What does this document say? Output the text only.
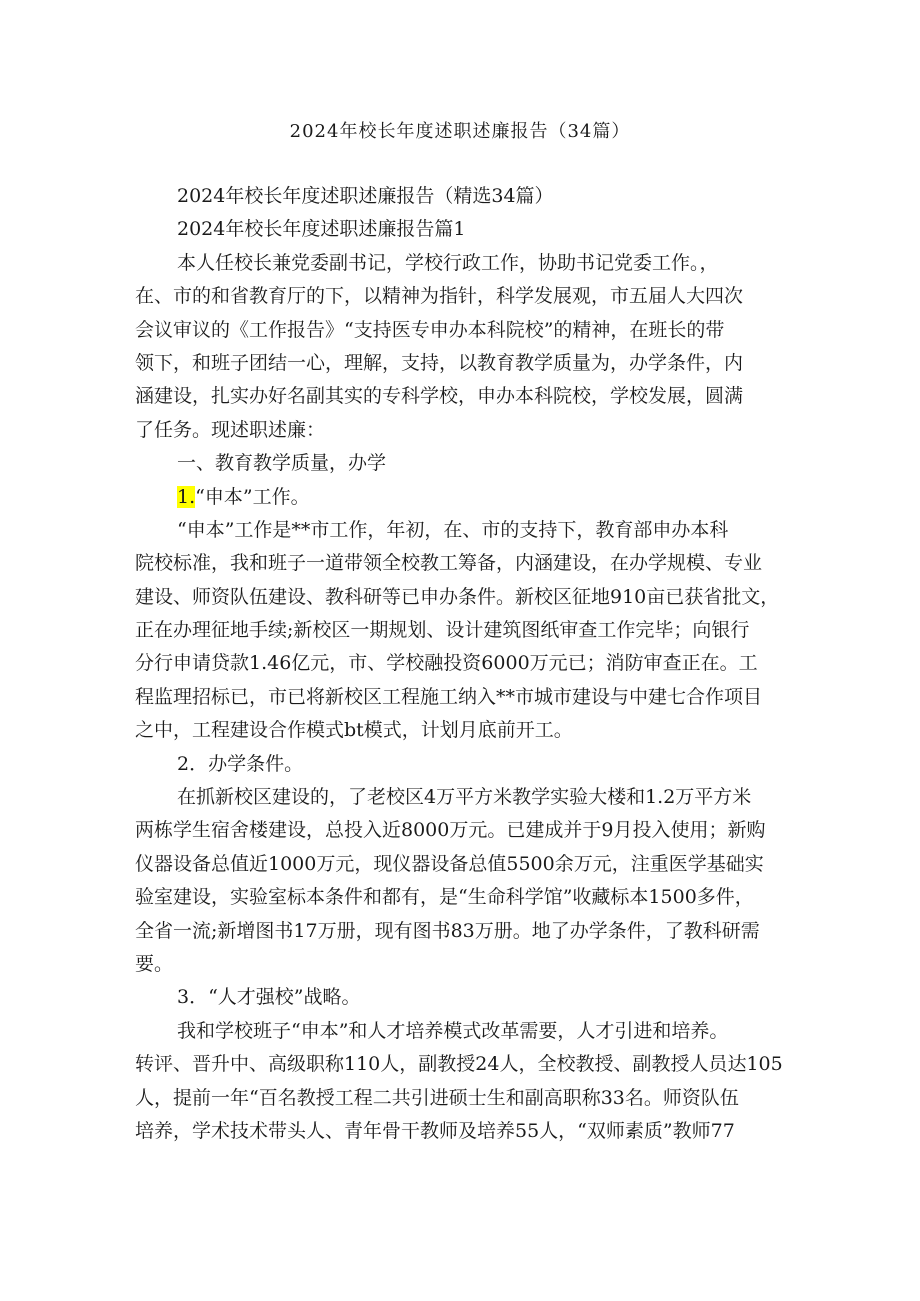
2024年校长年度述职述廉报告（34篇）

2024年校长年度述职述廉报告（精选34篇）

2024年校长年度述职述廉报告篇1

本人任校长兼党委副书记，学校行政工作，协助书记党委工作。，

在、市的和省教育厅的下，以精神为指针，科学发展观，市五届人大四次

会议审议的《工作报告》“支持医专申办本科院校”的精神，在班长的带

领下，和班子团结一心，理解，支持，以教育教学质量为，办学条件，内

涵建设，扎实办好名副其实的专科学校，申办本科院校，学校发展，圆满

了任务。现述职述廉：

一、教育教学质量，办学

1.“申本”工作。

“申本”工作是**市工作，年初，在、市的支持下，教育部申办本科

院校标准，我和班子一道带领全校教工筹备，内涵建设，在办学规模、专业

建设、师资队伍建设、教科研等已申办条件。新校区征地910亩已获省批文，

正在办理征地手续;新校区一期规划、设计建筑图纸审查工作完毕；向银行

分行申请贷款1.46亿元，市、学校融投资6000万元已；消防审查正在。工

程监理招标已，市已将新校区工程施工纳入**市城市建设与中建七合作项目

之中，工程建设合作模式bt模式，计划月底前开工。

2．办学条件。

在抓新校区建设的，了老校区4万平方米教学实验大楼和1.2万平方米

两栋学生宿舍楼建设，总投入近8000万元。已建成并于9月投入使用；新购

仪器设备总值近1000万元，现仪器设备总值5500余万元，注重医学基础实

验室建设，实验室标本条件和都有，是“生命科学馆”收藏标本1500多件，

全省一流;新增图书17万册，现有图书83万册。地了办学条件，了教科研需

要。

3．“人才强校”战略。

我和学校班子“申本”和人才培养模式改革需要，人才引进和培养。

转评、晋升中、高级职称110人，副教授24人，全校教授、副教授人员达105

人，提前一年“百名教授工程二共引进硕士生和副高职称33名。师资队伍

培养，学术技术带头人、青年骨干教师及培养55人，“双师素质”教师77
